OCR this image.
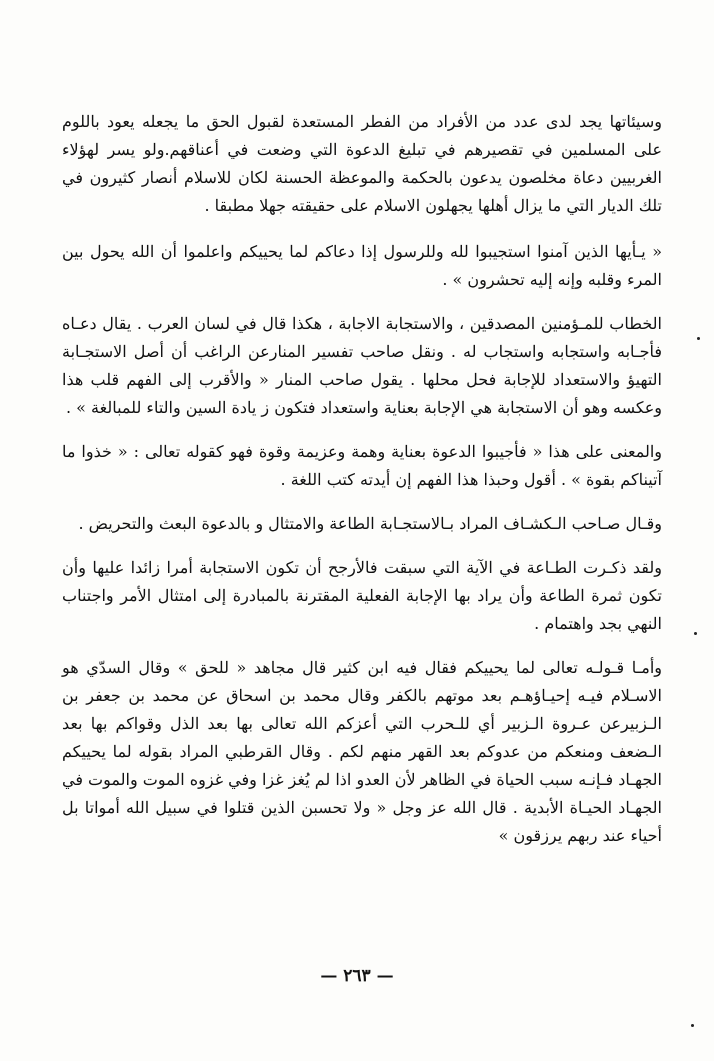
وسيئاتها يجد لدى عدد من الأفراد من الفطر المستعدة لقبول الحق ما يجعله يعود باللوم على المسلمين في تقصيرهم في تبليغ الدعوة التي وضعت في أعناقهم.ولو يسر لهؤلاء الغربيين دعاة مخلصون يدعون بالحكمة والموعظة الحسنة لكان للاسلام أنصار كثيرون في تلك الديار التي ما يزال أهلها يجهلون الاسلام على حقيقته جهلا مطبقا .

« يـأيها الذين آمنوا استجيبوا لله وللرسول إذا دعاكم لما يحييكم واعلموا أن الله يحول بين المرء وقلبه وإنه إليه تحشرون » .

الخطاب للمـؤمنين المصدقين ، والاستجابة الاجابة ، هكذا قال في لسان العرب . يقال دعـاه فأجـابه واستجابه واستجاب له . ونقل صاحب تفسير المنارعن الراغب أن أصل الاستجـابة التهيؤ والاستعداد للإجابة فحل محلها . يقول صاحب المنار « والأقرب إلى الفهم قلب هذا وعكسه وهو أن الاستجابة هي الإجابة بعناية واستعداد فتكون ز يادة السين والتاء للمبالغة » .

والمعنى على هذا « فأجيبوا الدعوة بعناية وهمة وعزيمة وقوة فهو كقوله تعالى : « خذوا ما آتيناكم بقوة » . أقول وحبذا هذا الفهم إن أيدته كتب اللغة .

وقـال صـاحب الـكشـاف المراد بـالاستجـابة الطاعة والامتثال و بالدعوة البعث والتحريض .

ولقد ذكـرت الطـاعة في الآية التي سبقت فالأرجح أن تكون الاستجابة أمرا زائدا عليها وأن تكون ثمرة الطاعة وأن يراد بها الإجابة الفعلية المقترنة بالمبادرة إلى امتثال الأمر واجتناب النهي بجد واهتمام .

وأمـا قـولـه تعالى لما يحييكم فقال فيه ابن كثير قال مجاهد « للحق » وقال السدّي هو الاسـلام فيـه إحيـاؤهـم بعد موتهم بالكفر وقال محمد بن اسحاق عن محمد بن جعفر بن الـزبيرعن عـروة الـزبير أي للـحرب التي أعزكم الله تعالى بها بعد الذل وقواكم بها بعد الـضعف ومنعكم من عدوكم بعد القهر منهم لكم . وقال القرطبي المراد بقوله لما يحييكم الجهـاد فـإنـه سبب الحياة في الظاهر لأن العدو اذا لم يُغز غزا وفي غزوه الموت والموت في الجهـاد الحيـاة الأبدية . قال الله عز وجل « ولا تحسبن الذين قتلوا في سبيل الله أمواتا بل أحياء عند ربهم يرزقون »

— ٢٦٣ —
